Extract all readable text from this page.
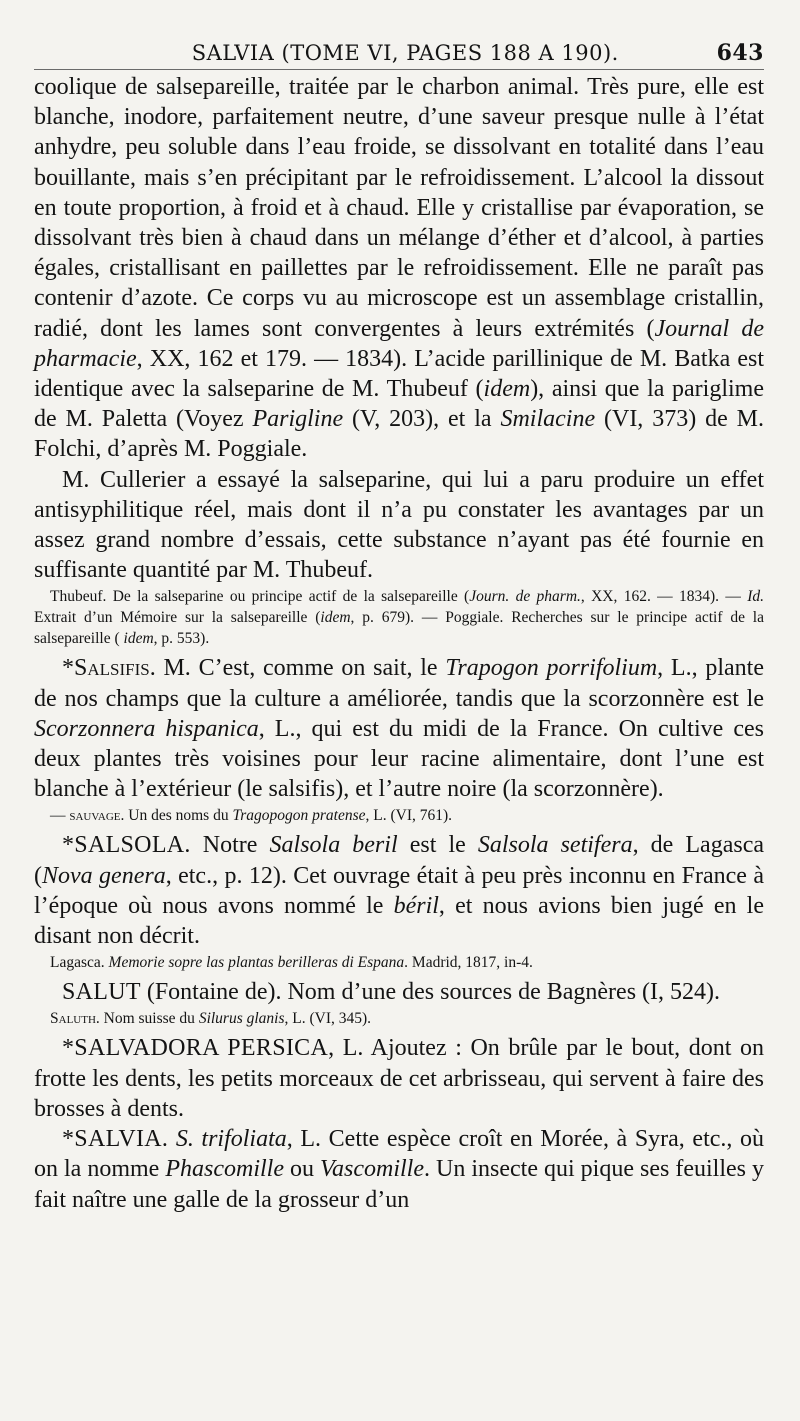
SALVIA (TOME VI, PAGES 188 A 190).	643

coolique de salsepareille, traitée par le charbon animal. Très pure, elle est blanche, inodore, parfaitement neutre, d’une saveur presque nulle à l’état anhydre, peu soluble dans l’eau froide, se dissolvant en totalité dans l’eau bouillante, mais s’en précipitant par le refroidissement. L’alcool la dissout en toute proportion, à froid et à chaud. Elle y cristallise par évaporation, se dissolvant très bien à chaud dans un mélange d’éther et d’alcool, à parties égales, cristallisant en paillettes par le refroidissement. Elle ne paraît pas contenir d’azote. Ce corps vu au microscope est un assemblage cristallin, radié, dont les lames sont convergentes à leurs extrémités (Journal de pharmacie, XX, 162 et 179. — 1834). L’acide parillinique de M. Batka est identique avec la salseparine de M. Thubeuf (idem), ainsi que la pariglime de M. Paletta (Voyez Parigline (V, 203), et la Smilacine (VI, 373) de M. Folchi, d’après M. Poggiale.

M. Cullerier a essayé la salseparine, qui lui a paru produire un effet antisyphilitique réel, mais dont il n’a pu constater les avantages par un assez grand nombre d’essais, cette substance n’ayant pas été fournie en suffisante quantité par M. Thubeuf.

Thubeuf. De la salseparine ou principe actif de la salsepareille (Journ. de pharm., XX, 162. — 1834). — Id. Extrait d’un Mémoire sur la salsepareille (idem, p. 679). — Poggiale. Recherches sur le principe actif de la salsepareille ( idem, p. 553).

*Salsifis. M. C’est, comme on sait, le Trapogon porrifolium, L., plante de nos champs que la culture a améliorée, tandis que la scorzonnère est le Scorzonnera hispanica, L., qui est du midi de la France. On cultive ces deux plantes très voisines pour leur racine alimentaire, dont l’une est blanche à l’extérieur (le salsifis), et l’autre noire (la scorzonnère).

— sauvage. Un des noms du Tragopogon pratense, L. (VI, 761).

*SALSOLA. Notre Salsola beril est le Salsola setifera, de Lagasca (Nova genera, etc., p. 12). Cet ouvrage était à peu près inconnu en France à l’époque où nous avons nommé le béril, et nous avions bien jugé en le disant non décrit.

Lagasca. Memorie sopre las plantas berilleras di Espana. Madrid, 1817, in-4.

SALUT (Fontaine de). Nom d’une des sources de Bagnères (I, 524).

Saluth. Nom suisse du Silurus glanis, L. (VI, 345).

*SALVADORA PERSICA, L. Ajoutez : On brûle par le bout, dont on frotte les dents, les petits morceaux de cet arbrisseau, qui servent à faire des brosses à dents.

*SALVIA. S. trifoliata, L. Cette espèce croît en Morée, à Syra, etc., où on la nomme Phascomille ou Vascomille. Un insecte qui pique ses feuilles y fait naître une galle de la grosseur d’un
